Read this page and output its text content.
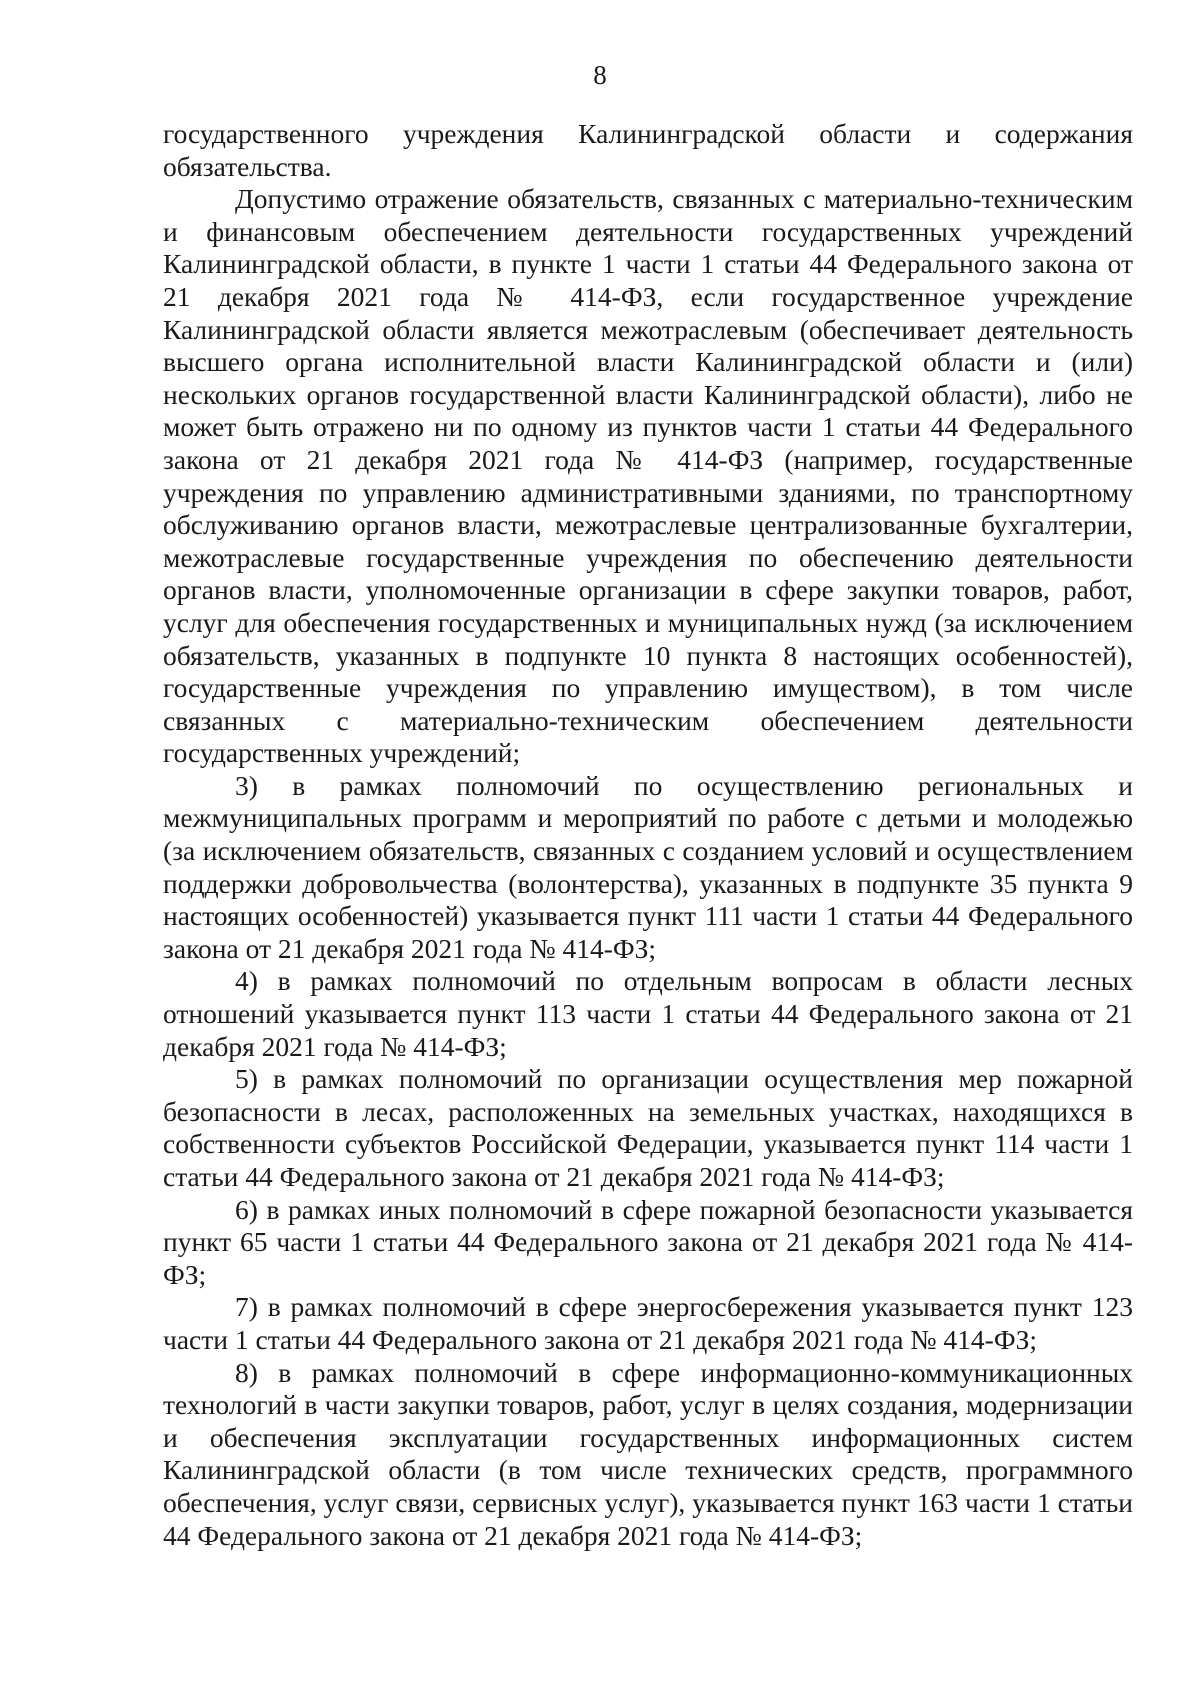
8

государственного учреждения Калининградской области и содержания обязательства.

Допустимо отражение обязательств, связанных с материально-техническим и финансовым обеспечением деятельности государственных учреждений Калининградской области, в пункте 1 части 1 статьи 44 Федерального закона от 21 декабря 2021 года № 414-ФЗ, если государственное учреждение Калининградской области является межотраслевым (обеспечивает деятельность высшего органа исполнительной власти Калининградской области и (или) нескольких органов государственной власти Калининградской области), либо не может быть отражено ни по одному из пунктов части 1 статьи 44 Федерального закона от 21 декабря 2021 года № 414-ФЗ (например, государственные учреждения по управлению административными зданиями, по транспортному обслуживанию органов власти, межотраслевые централизованные бухгалтерии, межотраслевые государственные учреждения по обеспечению деятельности органов власти, уполномоченные организации в сфере закупки товаров, работ, услуг для обеспечения государственных и муниципальных нужд (за исключением обязательств, указанных в подпункте 10 пункта 8 настоящих особенностей), государственные учреждения по управлению имуществом), в том числе связанных с материально-техническим обеспечением деятельности государственных учреждений;

3) в рамках полномочий по осуществлению региональных и межмуниципальных программ и мероприятий по работе с детьми и молодежью (за исключением обязательств, связанных с созданием условий и осуществлением поддержки добровольчества (волонтерства), указанных в подпункте 35 пункта 9 настоящих особенностей) указывается пункт 111 части 1 статьи 44 Федерального закона от 21 декабря 2021 года № 414-ФЗ;

4) в рамках полномочий по отдельным вопросам в области лесных отношений указывается пункт 113 части 1 статьи 44 Федерального закона от 21 декабря 2021 года № 414-ФЗ;

5) в рамках полномочий по организации осуществления мер пожарной безопасности в лесах, расположенных на земельных участках, находящихся в собственности субъектов Российской Федерации, указывается пункт 114 части 1 статьи 44 Федерального закона от 21 декабря 2021 года № 414-ФЗ;

6) в рамках иных полномочий в сфере пожарной безопасности указывается пункт 65 части 1 статьи 44 Федерального закона от 21 декабря 2021 года № 414-ФЗ;

7) в рамках полномочий в сфере энергосбережения указывается пункт 123 части 1 статьи 44 Федерального закона от 21 декабря 2021 года № 414-ФЗ;

8) в рамках полномочий в сфере информационно-коммуникационных технологий в части закупки товаров, работ, услуг в целях создания, модернизации и обеспечения эксплуатации государственных информационных систем Калининградской области (в том числе технических средств, программного обеспечения, услуг связи, сервисных услуг), указывается пункт 163 части 1 статьи 44 Федерального закона от 21 декабря 2021 года № 414-ФЗ;
